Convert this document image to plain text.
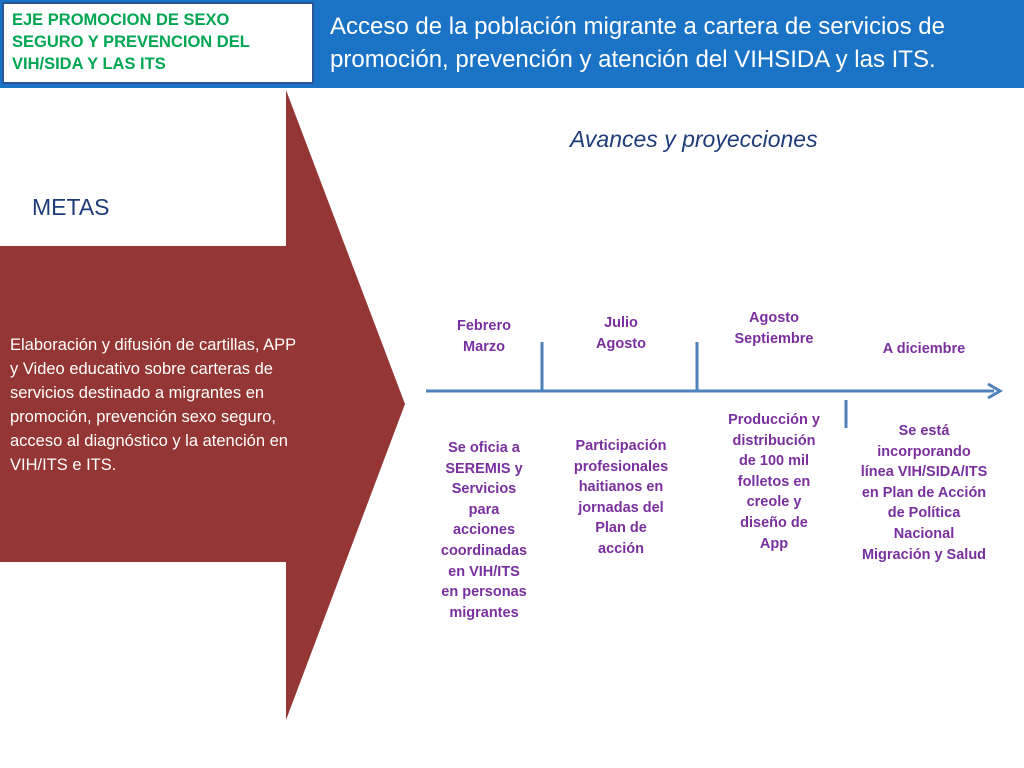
EJE PROMOCION DE SEXO
SEGURO Y PREVENCION DEL
VIH/SIDA Y LAS ITS
Acceso de la población migrante a cartera de servicios de
promoción, prevención y atención del VIHSIDA y las ITS.
Avances y proyecciones
METAS
Elaboración y difusión de cartillas, APP
y Video educativo sobre carteras de
servicios destinado a migrantes en
promoción, prevención sexo seguro,
acceso al diagnóstico y la atención en
VIH/ITS e ITS.
Febrero
Marzo
Julio
Agosto
Agosto
Septiembre
A diciembre
Se oficia a
SEREMIS y
Servicios
para
acciones
coordinadas
en VIH/ITS
en personas
migrantes
Participación
profesionales
haitianos en
jornadas del
Plan de
acción
Producción y
distribución
de 100 mil
folletos en
creole y
diseño de
App
Se está
incorporando
línea VIH/SIDA/ITS
en Plan de Acción
de Política
Nacional
Migración y Salud
